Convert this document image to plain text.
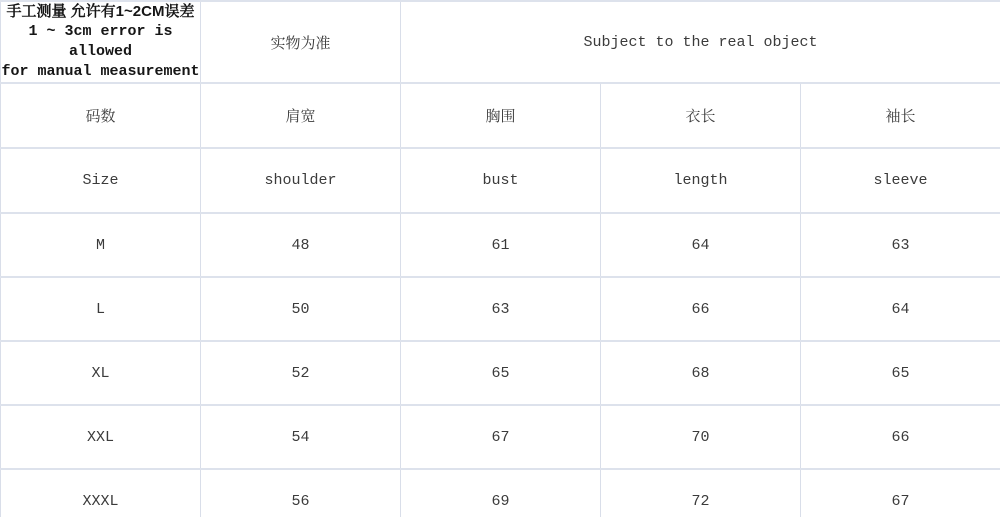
手工测量 允许有1~2CM误差
1 ~ 3cm error is allowed
for manual measurement	实物为准	Subject to the real object		
码数	肩宽	胸围	衣长	袖长
Size	shoulder	bust	length	sleeve
M	48	61	64	63
L	50	63	66	64
XL	52	65	68	65
XXL	54	67	70	66
XXXL	56	69	72	67
